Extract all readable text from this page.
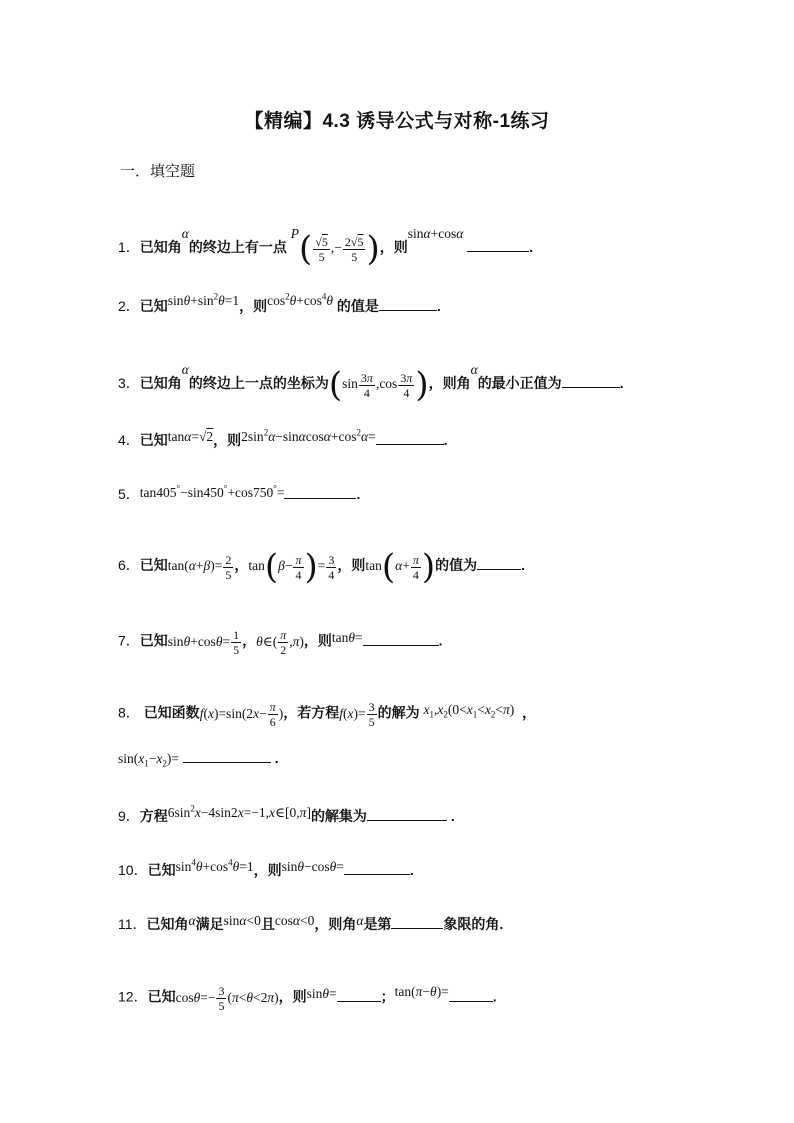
【精编】4.3 诱导公式与对称-1练习
一．填空题
1．已知角α的终边上有一点 $P( \frac{√5}{5}$ ,− $\frac{2√5}{5}$ )，则sinα+cosα .
2．已知$\sin\theta+\sin^2\theta=1$，则$\cos^2\theta+\cos^4\theta$ 的值是	.
3．已知角α的终边上一点的坐标为($\sin \frac{3\pi}{4} ,\cos \frac{3\pi}{4}$ )，则角α的最小正值为	.
4．已知tanα=√2，则$2\sin^2\alpha-\sin\alpha\cos\alpha+\cos^2\alpha=$	.
5．tan405°−sin450°+cos750°=	.
6．已知$\tan(\alpha+\beta)= \frac{2}{5}$ ，$\tan(\beta- \frac{\pi}{4}$ )= $\frac{3}{4}$ ，则$\tan(\alpha+ \frac{\pi}{4}$ )的值为	.
7．已知$\sin\theta+\cos\theta= \frac{1}{5}$ ，θ∈( $\frac{\pi}{2} ,\pi$)，则tanθ=	.
8． 已知函数$f(x)=\sin(2x- \frac{\pi}{6}$ )，若方程$f(x)= \frac{3}{5}$ 的解为 $x_1,x_2(0<x_1<x_2<\pi)$ ，
$\sin(x_1-x_2)=$	.
9．方程$6\sin^2x-4\sin 2x=-1,x\in[0,\pi]$的解集为	.
10．已知$\sin^4\theta+\cos^4\theta=1$，则sinθ−cosθ=	.
11．已知角α满足sinα<0且cosα<0，则角α是第	象限的角.
12．已知$\cos\theta=- \frac{3}{5} (\pi<\theta<2\pi)$，则sinθ=	；tan(π−θ)=	.
